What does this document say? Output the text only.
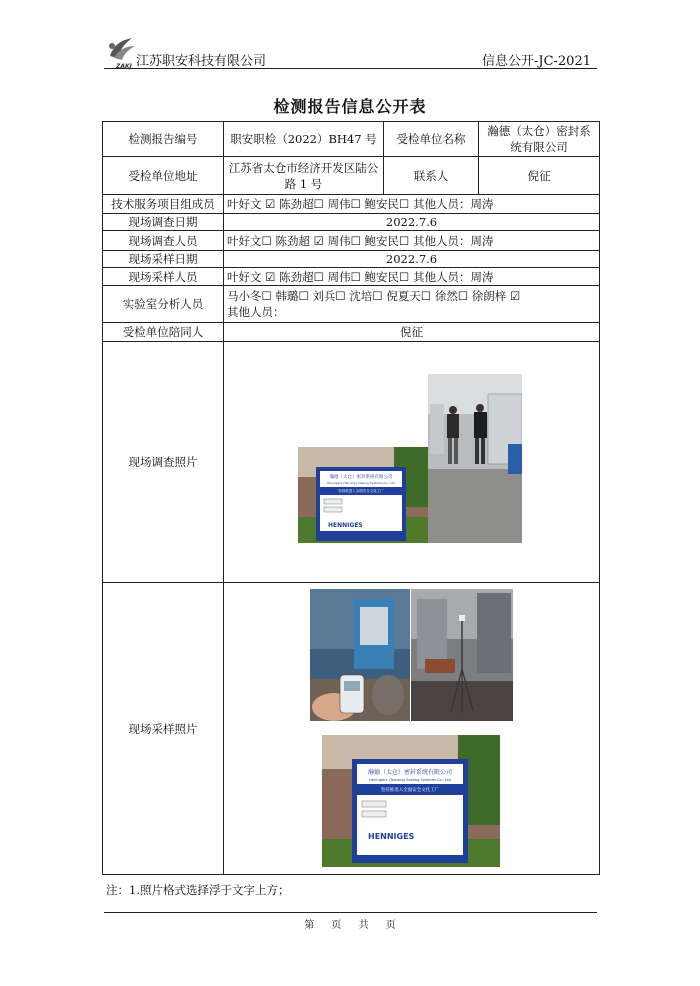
ZAKJ 江苏职安科技有限公司	信息公开-JC-2021
检测报告信息公开表
检测报告编号	职安职检（2022）BH47 号	受检单位名称	瀚德（太仓）密封系统有限公司
受检单位地址	江苏省太仓市经济开发区陆公路 1 号	联系人	倪征
技术服务项目组成员	叶好文 ☑ 陈劲超☐ 周伟☐ 鲍安民☐ 其他人员：周涛		
现场调查日期	2022.7.6		
现场调查人员	叶好文☐ 陈劲超 ☑ 周伟☐ 鲍安民☐ 其他人员：周涛		
现场采样日期	2022.7.6		
现场采样人员	叶好文 ☑ 陈劲超☐ 周伟☐ 鲍安民☐ 其他人员：周涛		
实验室分析人员	马小冬☐ 韩璐☐ 刘兵☐ 沈培☐ 倪夏天☐ 徐然☐ 徐朗梓 ☑
其他人员：		

受检单位陪同人	倪征		
现场调查照片	瀚德（太仓）密封系统有限公司
Hennigers (Taicang) Sealing Systems Co., Ltd
坚持推进入全面安全文化工厂
HENNIGES		

现场采样照片	瀚德（太仓）密封系统有限公司
Hennigers (Taicang) Sealing Systems Co., Ltd
坚持推进入全面安全文化工厂
HENNIGES		
注：1.照片格式选择浮于文字上方；
第 页 共 页
